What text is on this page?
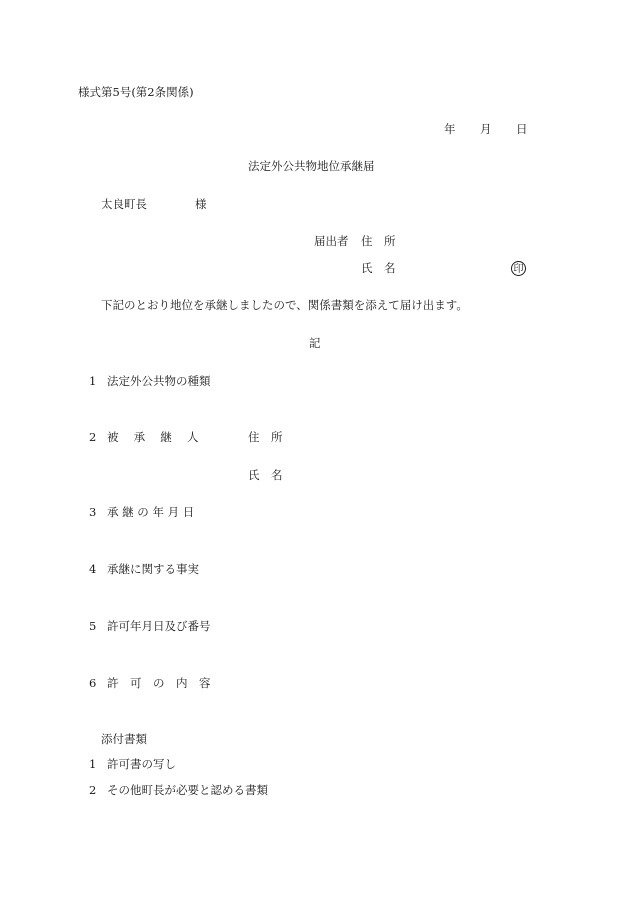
様式第5号(第2条関係)
年 月 日
法定外公共物地位承継届
太良町長	様
届出者 住　所
氏　名	印
下記のとおり地位を承継しましたので、関係書類を添えて届け出ます。
記
1 法定外公共物の種類
2 被　 承　 継　 人	住　所
氏　名
3 承 継 の 年 月 日
4 承継に関する事実
5 許可年月日及び番号
6 許　可　の　内　容
添付書類
1 許可書の写し
2 その他町長が必要と認める書類
